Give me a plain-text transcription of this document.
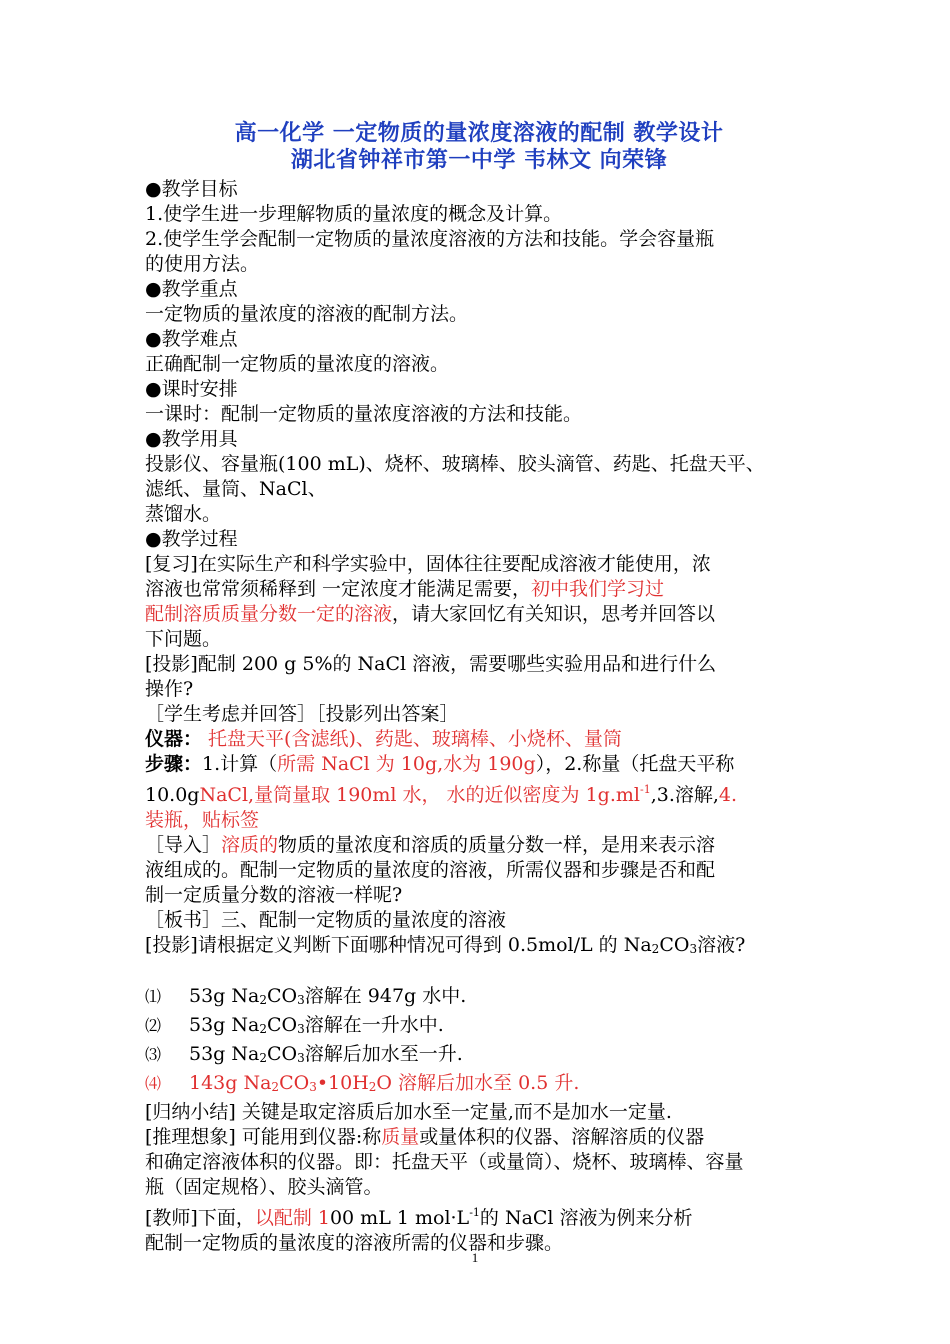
高一化学 一定物质的量浓度溶液的配制 教学设计
湖北省钟祥市第一中学 韦林文 向荣锋
●教学目标
1.使学生进一步理解物质的量浓度的概念及计算。
2.使学生学会配制一定物质的量浓度溶液的方法和技能。学会容量瓶
的使用方法。
●教学重点
一定物质的量浓度的溶液的配制方法。
●教学难点
正确配制一定物质的量浓度的溶液。
●课时安排
一课时：配制一定物质的量浓度溶液的方法和技能。
●教学用具
投影仪、容量瓶(100 mL)、烧杯、玻璃棒、胶头滴管、药匙、托盘天平、
滤纸、量筒、NaCl、
蒸馏水。
●教学过程
[复习]在实际生产和科学实验中，固体往往要配成溶液才能使用，浓
溶液也常常须稀释到 一定浓度才能满足需要，初中我们学习过
配制溶质质量分数一定的溶液，请大家回忆有关知识，思考并回答以
下问题。
[投影]配制 200 g 5%的 NaCl 溶液，需要哪些实验用品和进行什么
操作?
［学生考虑并回答］［投影列出答案］
仪器： 托盘天平(含滤纸)、药匙、玻璃棒、小烧杯、量筒
步骤：1.计算（所需 NaCl 为 10g,水为 190g），2.称量（托盘天平称
10.0gNaCl,量筒量取 190ml 水， 水的近似密度为 $1g.ml^{-1},3$.溶解,4.
装瓶，贴标签
［导入］溶质的物质的量浓度和溶质的质量分数一样，是用来表示溶
液组成的。配制一定物质的量浓度的溶液，所需仪器和步骤是否和配
制一定质量分数的溶液一样呢?
［板书］三、配制一定物质的量浓度的溶液
[投影]请根据定义判断下面哪种情况可得到 0.5mol/L 的 Na2CO3溶液?
⑴ 53g Na2CO3溶解在 947g 水中.
⑵ 53g Na2CO3溶解在一升水中.
⑶ 53g Na2CO3溶解后加水至一升.
⑷ 143g Na2CO3•10H2O 溶解后加水至 0.5 升.
[归纳小结] 关键是取定溶质后加水至一定量,而不是加水一定量.
[推理想象] 可能用到仪器:称质量或量体积的仪器、溶解溶质的仪器
和确定溶液体积的仪器。即：托盘天平（或量筒）、烧杯、玻璃棒、容量
瓶（固定规格）、胶头滴管。
[教师]下面，以配制 100 mL 1 $mol\cdot L^{-1}$的 NaCl 溶液为例来分析
配制一定物质的量浓度的溶液所需的仪器和步骤。
1
